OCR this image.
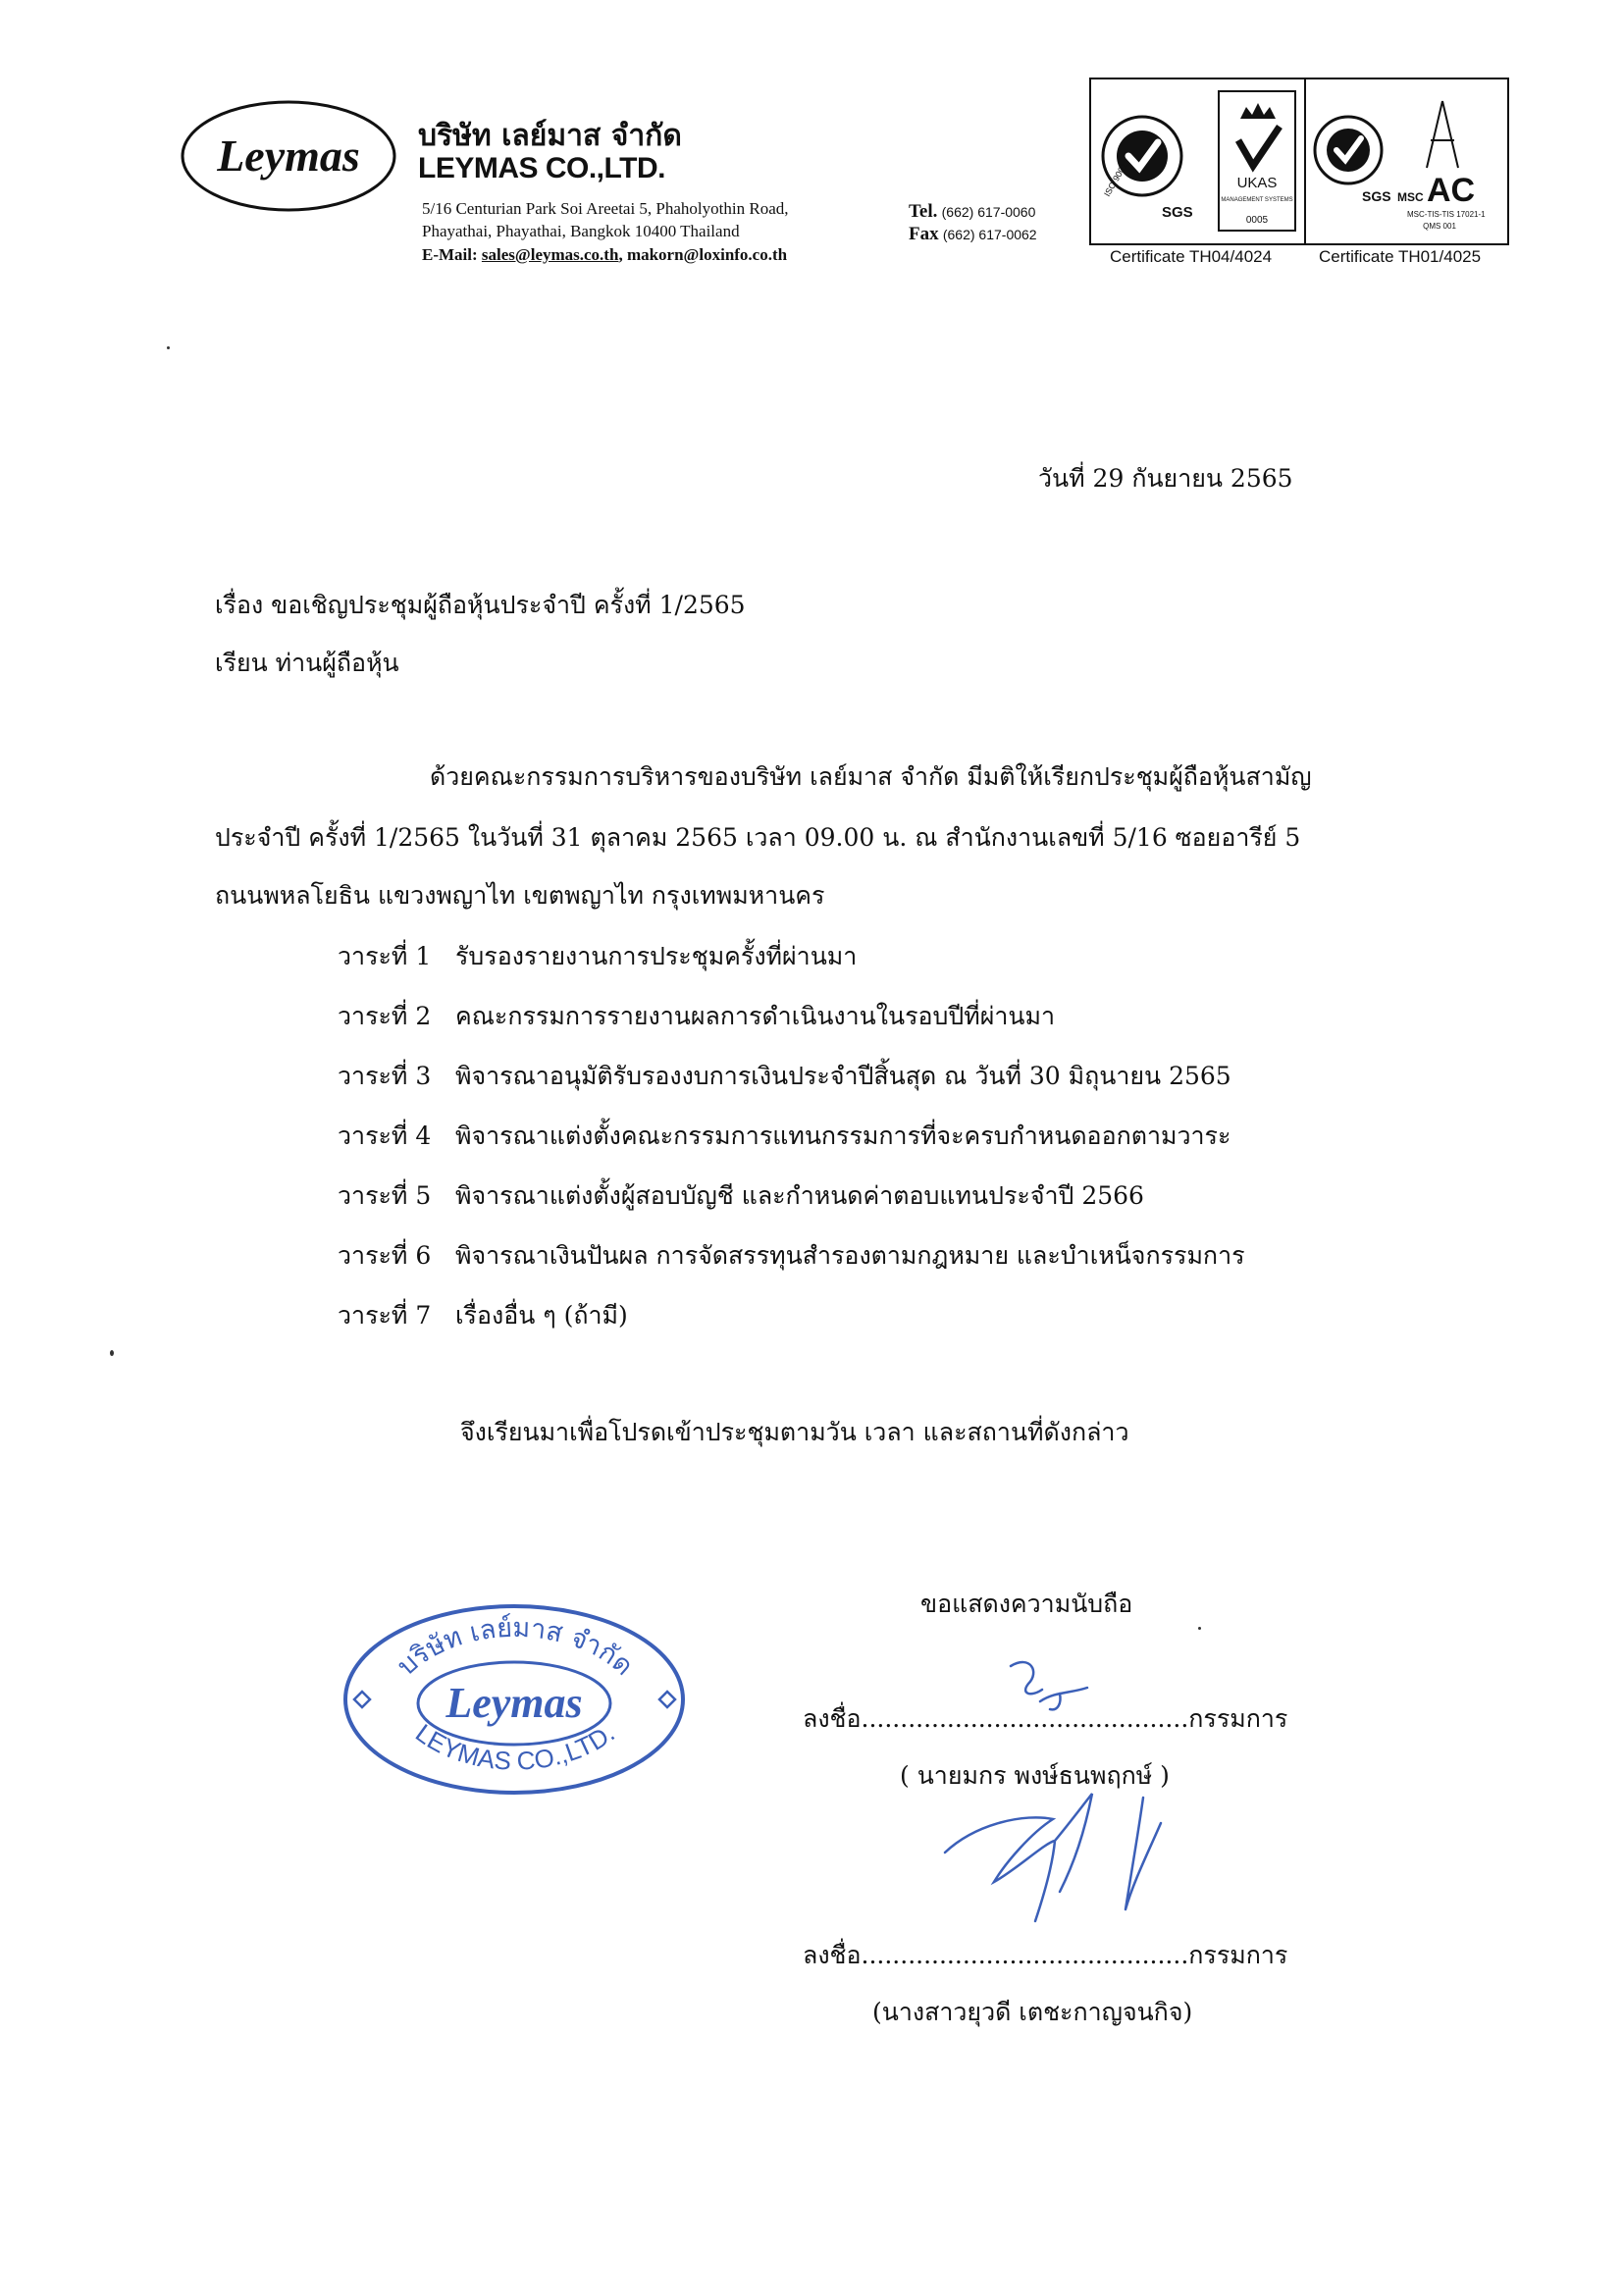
Leymas บริษัท เลย์มาส จำกัด
LEYMAS CO.,LTD.
5/16 Centurian Park Soi Areetai 5, Phaholyothin Road,
Phayathai, Phayathai, Bangkok 10400 Thailand
E-Mail: sales@leymas.co.th, makorn@loxinfo.co.th
Tel. (662) 617-0060
Fax (662) 617-0062
ISO 9001
SGS
UKAS
MANAGEMENT SYSTEMS
0005
SGS MSC AC
MSC-TIS-TIS 17021-1
QMS 001
Certificate TH04/4024	Certificate TH01/4025
วันที่ 29 กันยายน 2565
เรื่อง ขอเชิญประชุมผู้ถือหุ้นประจำปี ครั้งที่ 1/2565
เรียน ท่านผู้ถือหุ้น
ด้วยคณะกรรมการบริหารของบริษัท เลย์มาส จำกัด มีมติให้เรียกประชุมผู้ถือหุ้นสามัญ
ประจำปี ครั้งที่ 1/2565 ในวันที่ 31 ตุลาคม 2565 เวลา 09.00 น. ณ สำนักงานเลขที่ 5/16 ซอยอารีย์ 5
ถนนพหลโยธิน แขวงพญาไท เขตพญาไท กรุงเทพมหานคร
วาระที่ 1 รับรองรายงานการประชุมครั้งที่ผ่านมา
วาระที่ 2 คณะกรรมการรายงานผลการดำเนินงานในรอบปีที่ผ่านมา
วาระที่ 3 พิจารณาอนุมัติรับรองงบการเงินประจำปีสิ้นสุด ณ วันที่ 30 มิถุนายน 2565
วาระที่ 4 พิจารณาแต่งตั้งคณะกรรมการแทนกรรมการที่จะครบกำหนดออกตามวาระ
วาระที่ 5 พิจารณาแต่งตั้งผู้สอบบัญชี และกำหนดค่าตอบแทนประจำปี 2566
วาระที่ 6 พิจารณาเงินปันผล การจัดสรรทุนสำรองตามกฎหมาย และบำเหน็จกรรมการ
วาระที่ 7 เรื่องอื่น ๆ (ถ้ามี)
จึงเรียนมาเพื่อโปรดเข้าประชุมตามวัน เวลา และสถานที่ดังกล่าว
ขอแสดงความนับถือ
บริษัท เลย์มาส จำกัด
Leymas
LEYMAS CO.,LTD.	ลงชื่อ..........................................กรรมการ
( นายมกร พงษ์ธนพฤกษ์ )
ลงชื่อ..........................................กรรมการ
(นางสาวยุวดี เตชะกาญจนกิจ)
